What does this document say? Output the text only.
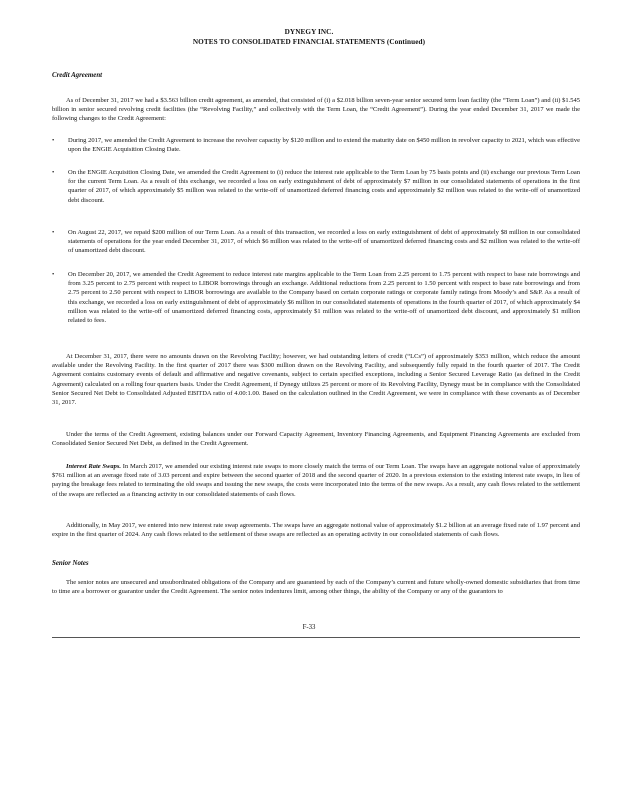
DYNEGY INC.
NOTES TO CONSOLIDATED FINANCIAL STATEMENTS (Continued)
Credit Agreement

As of December 31, 2017 we had a $3.563 billion credit agreement, as amended, that consisted of (i) a $2.018 billion seven-year senior secured term loan facility (the “Term Loan”) and (ii) $1.545 billion in senior secured revolving credit facilities (the “Revolving Facility,” and collectively with the Term Loan, the “Credit Agreement”). During the year ended December 31, 2017 we made the following changes to the Credit Agreement:

•	During 2017, we amended the Credit Agreement to increase the revolver capacity by $120 million and to extend the maturity date on $450 million in revolver capacity to 2021, which was effective upon the ENGIE Acquisition Closing Date.
•	On the ENGIE Acquisition Closing Date, we amended the Credit Agreement to (i) reduce the interest rate applicable to the Term Loan by 75 basis points and (ii) exchange our previous Term Loan for the current Term Loan. As a result of this exchange, we recorded a loss on early extinguishment of debt of approximately $7 million in our consolidated statements of operations in the first quarter of 2017, of which approximately $5 million was related to the write-off of unamortized deferred financing costs and approximately $2 million was related to the write-off of unamortized debt discount.
•	On August 22, 2017, we repaid $200 million of our Term Loan. As a result of this transaction, we recorded a loss on early extinguishment of debt of approximately $8 million in our consolidated statements of operations for the year ended December 31, 2017, of which $6 million was related to the write-off of unamortized deferred financing costs and $2 million was related to the write-off of unamortized debt discount.
•	On December 20, 2017, we amended the Credit Agreement to reduce interest rate margins applicable to the Term Loan from 2.25 percent to 1.75 percent with respect to base rate borrowings and from 3.25 percent to 2.75 percent with respect to LIBOR borrowings through an exchange. Additional reductions from 2.25 percent to 1.50 percent with respect to base rate borrowings and from 2.75 percent to 2.50 percent with respect to LIBOR borrowings are available to the Company based on certain corporate ratings or corporate family ratings from Moody’s and S&P. As a result of this exchange, we recorded a loss on early extinguishment of debt of approximately $6 million in our consolidated statements of operations in the fourth quarter of 2017, of which approximately $4 million was related to the write-off of unamortized deferred financing costs, approximately $1 million was related to the write-off of unamortized debt discount, and approximately $1 million related to fees.

At December 31, 2017, there were no amounts drawn on the Revolving Facility; however, we had outstanding letters of credit (“LCs”) of approximately $353 million, which reduce the amount available under the Revolving Facility. In the first quarter of 2017 there was $300 million drawn on the Revolving Facility, and subsequently fully repaid in the fourth quarter of 2017. The Credit Agreement contains customary events of default and affirmative and negative covenants, subject to certain specified exceptions, including a Senior Secured Leverage Ratio (as defined in the Credit Agreement) calculated on a rolling four quarters basis. Under the Credit Agreement, if Dynegy utilizes 25 percent or more of its Revolving Facility, Dynegy must be in compliance with the Consolidated Senior Secured Net Debt to Consolidated Adjusted EBITDA ratio of 4.00:1.00. Based on the calculation outlined in the Credit Agreement, we were in compliance with these covenants as of December 31, 2017.

Under the terms of the Credit Agreement, existing balances under our Forward Capacity Agreement, Inventory Financing Agreements, and Equipment Financing Agreements are excluded from Consolidated Senior Secured Net Debt, as defined in the Credit Agreement.

Interest Rate Swaps. In March 2017, we amended our existing interest rate swaps to more closely match the terms of our Term Loan. The swaps have an aggregate notional value of approximately $761 million at an average fixed rate of 3.03 percent and expire between the second quarter of 2018 and the second quarter of 2020. In a previous extension to the existing interest rate swaps, in lieu of paying the breakage fees related to terminating the old swaps and issuing the new swaps, the costs were incorporated into the terms of the new swaps. As a result, any cash flows related to the settlement of the swaps are reflected as a financing activity in our consolidated statements of cash flows.

Additionally, in May 2017, we entered into new interest rate swap agreements. The swaps have an aggregate notional value of approximately $1.2 billion at an average fixed rate of 1.97 percent and expire in the first quarter of 2024. Any cash flows related to the settlement of these swaps are reflected as an operating activity in our consolidated statements of cash flows.

Senior Notes

The senior notes are unsecured and unsubordinated obligations of the Company and are guaranteed by each of the Company’s current and future wholly-owned domestic subsidiaries that from time to time are a borrower or guarantor under the Credit Agreement. The senior notes indentures limit, among other things, the ability of the Company or any of the guarantors to

F-33
